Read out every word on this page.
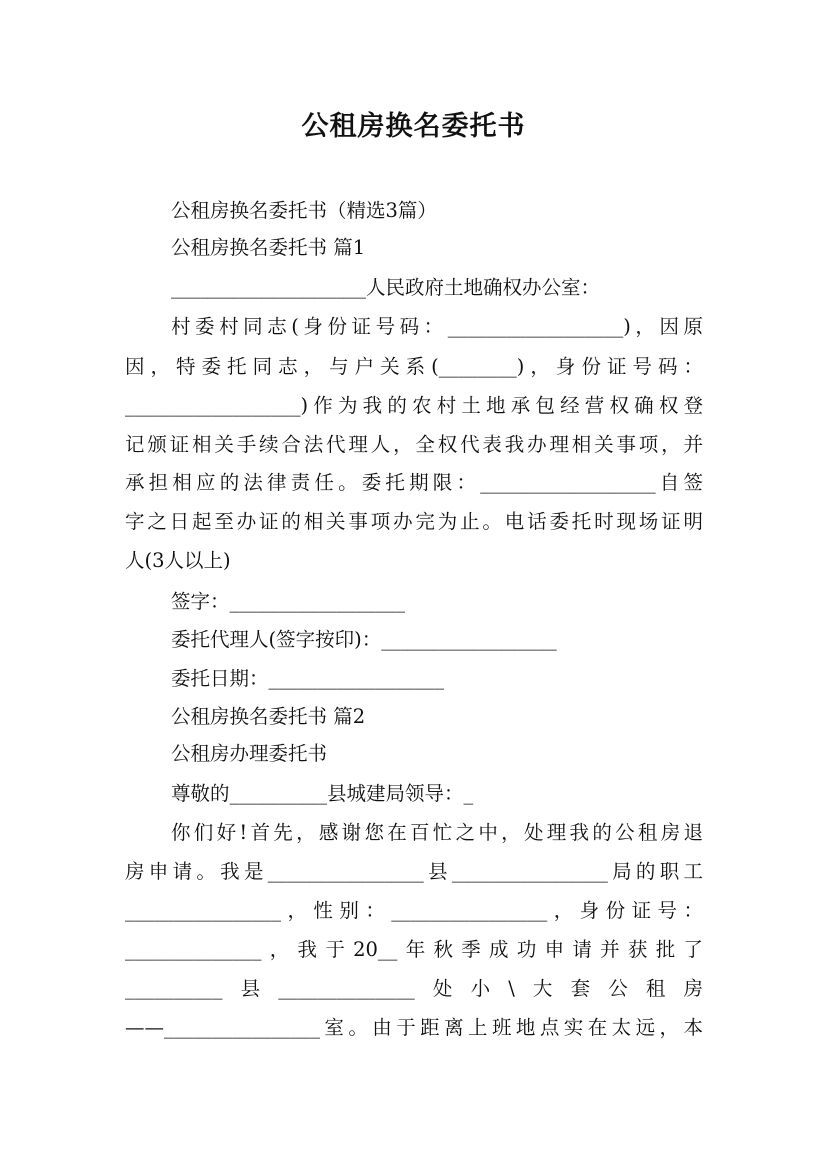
公租房换名委托书
公租房换名委托书（精选3篇）
公租房换名委托书 篇1
____________________人民政府土地确权办公室：
村委村同志(身份证号码：__________________)，因原
因，特委托同志，与户关系(________)，身份证号码：
__________________)作为我的农村土地承包经营权确权登
记颁证相关手续合法代理人，全权代表我办理相关事项，并
承担相应的法律责任。委托期限：__________________自签
字之日起至办证的相关事项办完为止。电话委托时现场证明
人(3人以上)
签字：__________________
委托代理人(签字按印)：__________________
委托日期：__________________
公租房换名委托书 篇2
公租房办理委托书
尊敬的__________县城建局领导：_
你们好!首先，感谢您在百忙之中，处理我的公租房退
房申请。我是________________县________________局的职工
________________，性别：________________，身份证号：
______________，我于20__年秋季成功申请并获批了
__________县______________处小\大套公租房
——________________室。由于距离上班地点实在太远，本
